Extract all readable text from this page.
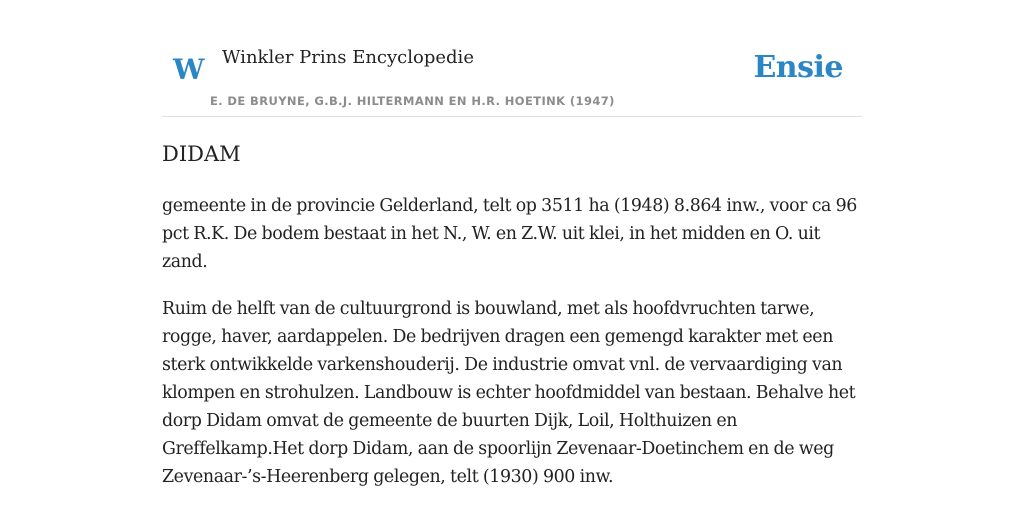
W Winkler Prins Encyclopedie
E. DE BRUYNE, G.B.J. HILTERMANN EN H.R. HOETINK (1947)
Ensie
DIDAM

gemeente in de provincie Gelderland, telt op 3511 ha (1948) 8.864 inw., voor ca 96 pct R.K. De bodem bestaat in het N., W. en Z.W. uit klei, in het midden en O. uit zand.

Ruim de helft van de cultuurgrond is bouwland, met als hoofdvruchten tarwe, rogge, haver, aardappelen. De bedrijven dragen een gemengd karakter met een sterk ontwikkelde varkenshouderij. De industrie omvat vnl. de vervaardiging van klompen en strohulzen. Landbouw is echter hoofdmiddel van bestaan. Behalve het dorp Didam omvat de gemeente de buurten Dijk, Loil, Holthuizen en Greffelkamp.Het dorp Didam, aan de spoorlijn Zevenaar-Doetinchem en de weg Zevenaar-’s-Heerenberg gelegen, telt (1930) 900 inw.
